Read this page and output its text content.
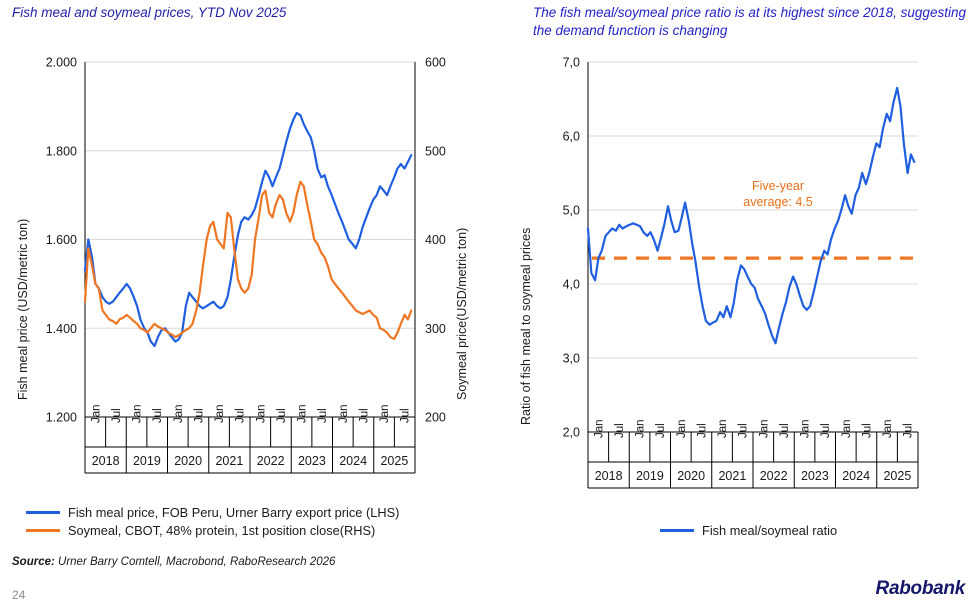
Fish meal and soymeal prices, YTD Nov 2025	The fish meal/soymeal price ratio is at its highest since 2018, suggesting the demand function is changing
1.200
1.400
1.600
1.800
2.000
200
300
400
500
600
Jan Jul Jan Jul Jan Jul Jan Jul Jan Jul Jan Jul Jan Jul Jan Jul
2018 2019 2020 2021 2022 2023 2024 2025
Fish meal price (USD/metric ton)	Soymeal price(USD/metric ton)
Fish meal price, FOB Peru, Urner Barry export price (LHS)
Soymeal, CBOT, 48% protein, 1st position close(RHS)
2,0
3,0
4,0
5,0
6,0
7,0
Jan Jul Jan Jul Jan Jul Jan Jul Jan Jul Jan Jul Jan Jul Jan Jul
2018 2019 2020 2021 2022 2023 2024 2025
Five-year
average: 4.5
Ratio of fish meal to soymeal prices
Fish meal/soymeal ratio
Source: Urner Barry Comtell, Macrobond, RaboResearch 2026
24	Rabobank
